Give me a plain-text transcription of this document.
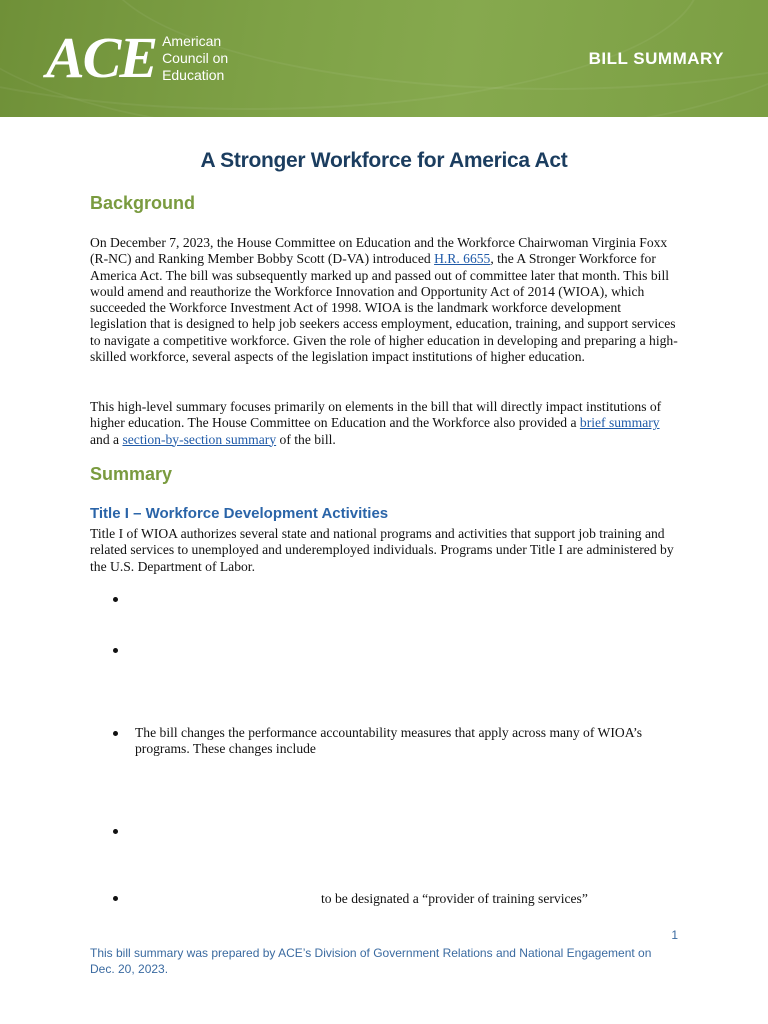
ACE American
Council on
Education
BILL SUMMARY
A Stronger Workforce for America Act
Background

On December 7, 2023, the House Committee on Education and the Workforce Chairwoman Virginia Foxx (R-NC) and Ranking Member Bobby Scott (D-VA) introduced H.R. 6655, the A Stronger Workforce for America Act. The bill was subsequently marked up and passed out of committee later that month. This bill would amend and reauthorize the Workforce Innovation and Opportunity Act of 2014 (WIOA), which succeeded the Workforce Investment Act of 1998. WIOA is the landmark workforce development legislation that is designed to help job seekers access employment, education, training, and support services to navigate a competitive workforce. Given the role of higher education in developing and preparing a high-skilled workforce, several aspects of the legislation impact institutions of higher education.

This high-level summary focuses primarily on elements in the bill that will directly impact institutions of higher education. The House Committee on Education and the Workforce also provided a brief summary and a section-by-section summary of the bill.

Summary
Title I – Workforce Development Activities

Title I of WIOA authorizes several state and national programs and activities that support job training and related services to unemployed and underemployed individuals. Programs under Title I are administered by the U.S. Department of Labor.

The bill changes the performance accountability measures that apply across many of WIOA’s programs. These changes include

to be designated a “provider of training services”

1
This bill summary was prepared by ACE’s Division of Government Relations and National Engagement on Dec. 20, 2023.
